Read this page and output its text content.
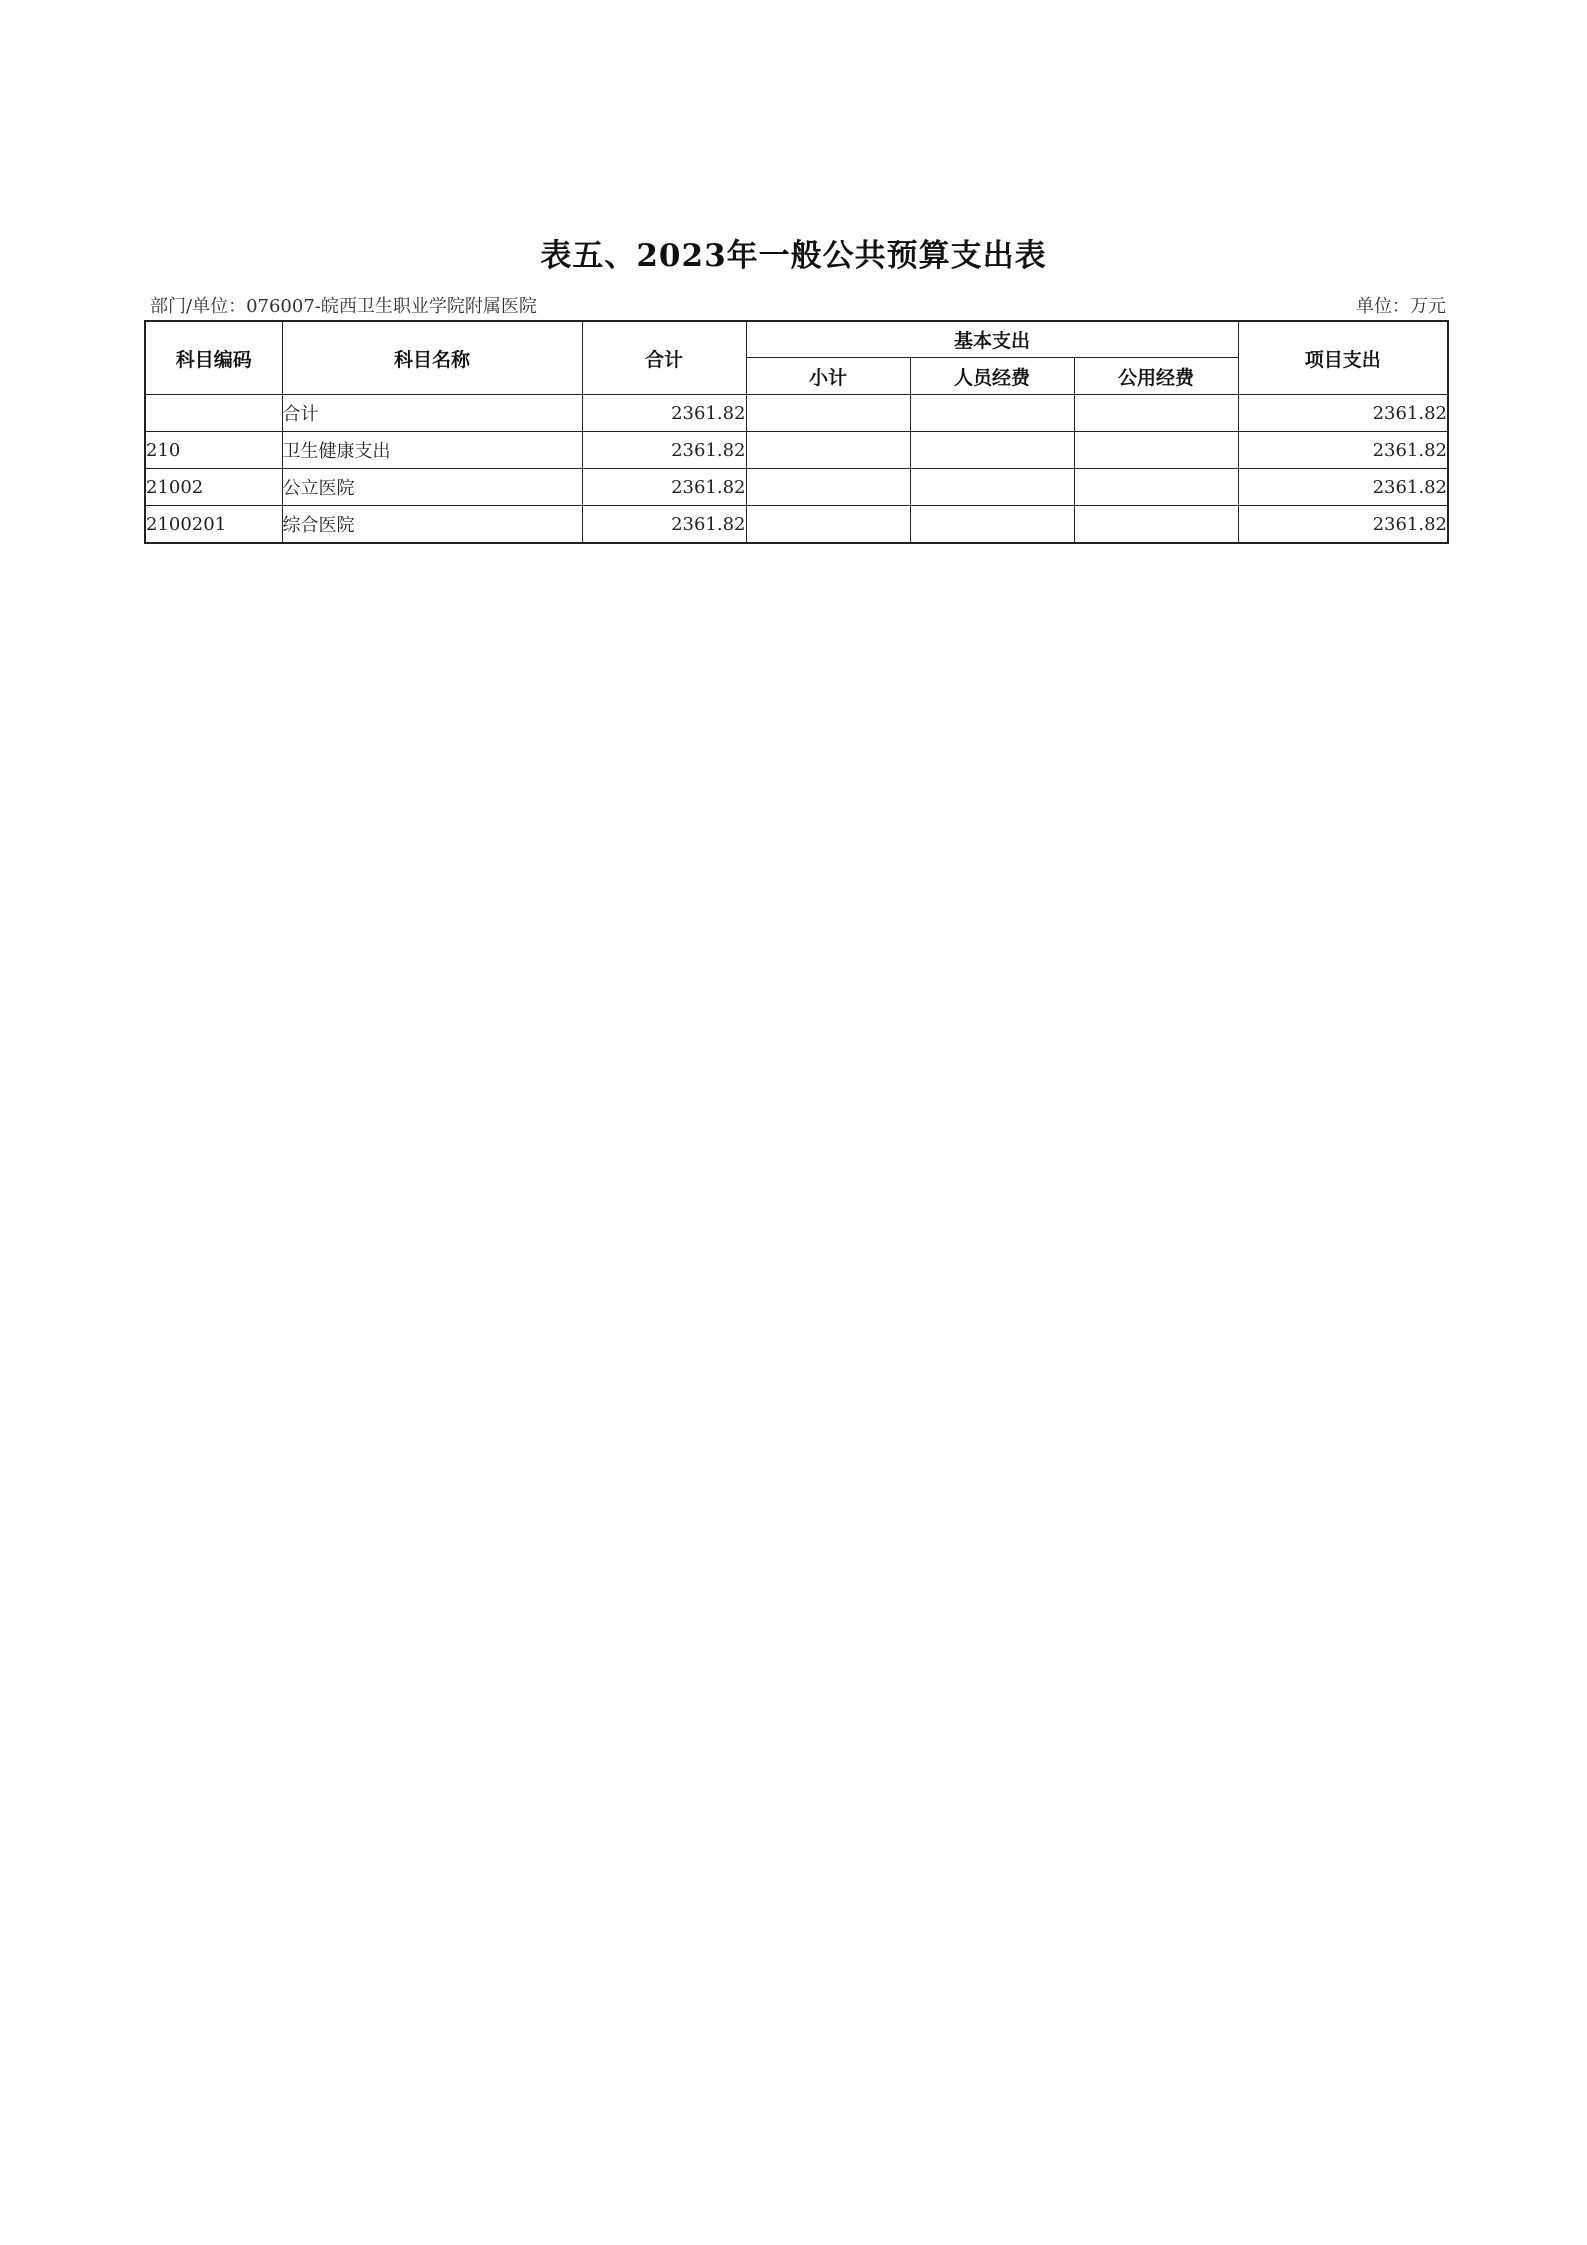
表五、2023年一般公共预算支出表
部门/单位：076007-皖西卫生职业学院附属医院	单位：万元
科目编码	科目名称	合计	基本支出			项目支出
			小计	人员经费	公用经费	
	合计	2361.82				2361.82
210	卫生健康支出	2361.82				2361.82
21002	公立医院	2361.82				2361.82
2100201	综合医院	2361.82				2361.82
